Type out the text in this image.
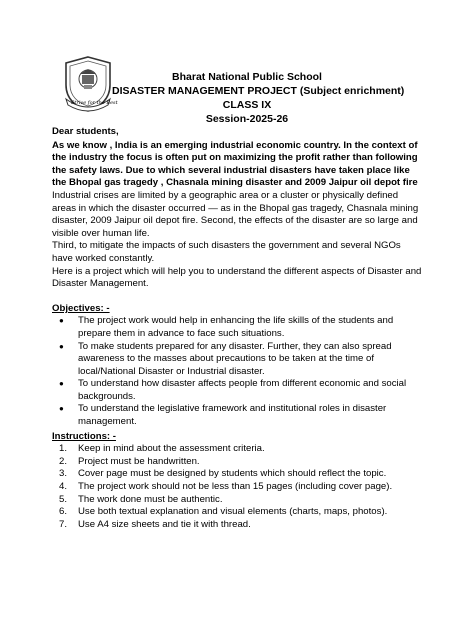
Strive for the Best
Bharat National Public School
DISASTER MANAGEMENT PROJECT (Subject enrichment)
CLASS IX
Session-2025-26

Dear students,

As we know , India is an emerging industrial economic country. In the context of the industry the focus is often put on maximizing the profit rather than following the safety laws. Due to which several industrial disasters have taken place like the Bhopal gas tragedy , Chasnala mining disaster and 2009 Jaipur oil depot fire

Industrial crises are limited by a geographic area or a cluster or physically defined areas in which the disaster occurred — as in the Bhopal gas tragedy, Chasnala mining disaster, 2009 Jaipur oil depot fire. Second, the effects of the disaster are so large and visible over human life.

Third, to mitigate the impacts of such disasters the government and several NGOs have worked constantly.

Here is a project which will help you to understand the different aspects of Disaster and Disaster Management.

Objectives: -
● The project work would help in enhancing the life skills of the students and prepare them in advance to face such situations.
● To make students prepared for any disaster. Further, they can also spread awareness to the masses about precautions to be taken at the time of local/National Disaster or Industrial disaster.
● To understand how disaster affects people from different economic and social backgrounds.
● To understand the legislative framework and institutional roles in disaster management.
Instructions: -
1. Keep in mind about the assessment criteria.
2. Project must be handwritten.
3. Cover page must be designed by students which should reflect the topic.
4. The project work should not be less than 15 pages (including cover page).
5. The work done must be authentic.
6. Use both textual explanation and visual elements (charts, maps, photos).
7. Use A4 size sheets and tie it with thread.
